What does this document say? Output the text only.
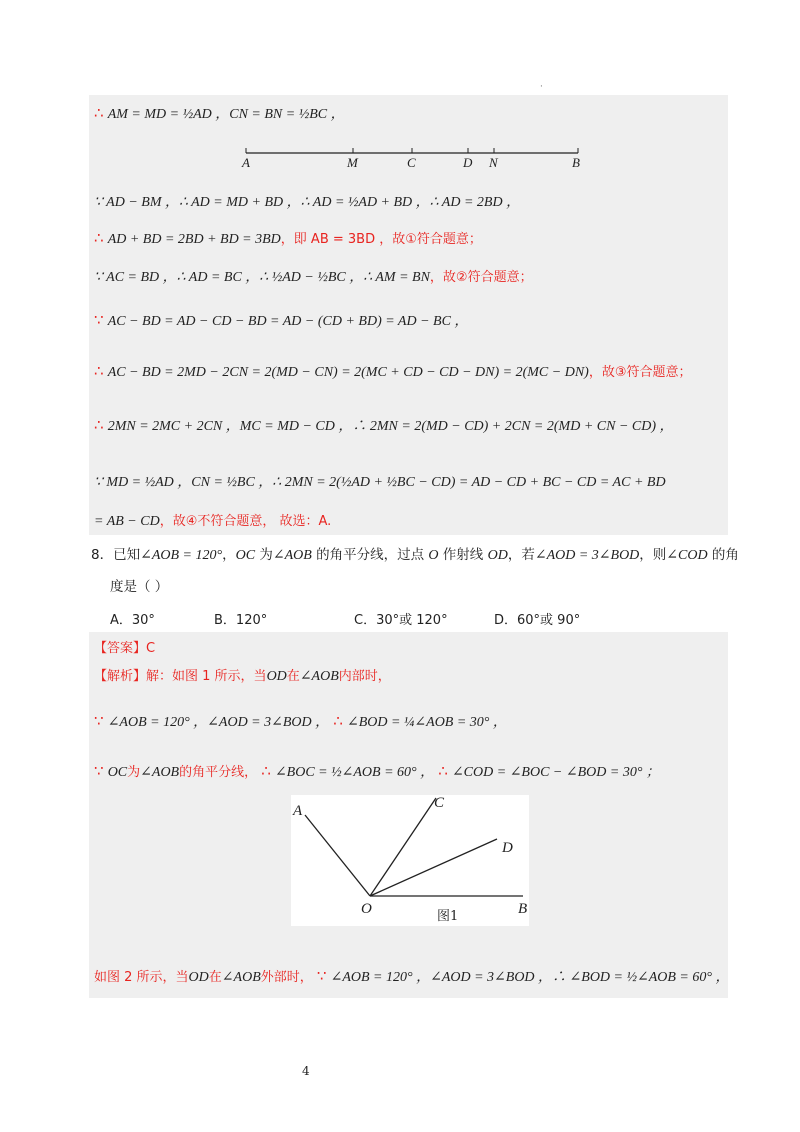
·
∴ AM = MD = ½AD ，CN = BN = ½BC ，
A	M	C	D N	B
∵ AD − BM ，∴ AD = MD + BD ，∴ AD = ½AD + BD ，∴ AD = 2BD ，
∴ AD + BD = 2BD + BD = 3BD，即 AB = 3BD ，故①符合题意；
∵ AC = BD ，∴ AD = BC ，∴ ½AD − ½BC ，∴ AM = BN，故②符合题意；
∵ AC − BD = AD − CD − BD = AD − (CD + BD) = AD − BC ，
∴ AC − BD = 2MD − 2CN = 2(MD − CN) = 2(MC + CD − CD − DN) = 2(MC − DN)，故③符合题意；
∴ 2MN = 2MC + 2CN ，MC = MD − CD ，∴ 2MN = 2(MD − CD) + 2CN = 2(MD + CN − CD) ，
∵ MD = ½AD ，CN = ½BC ，∴ 2MN = 2(½AD + ½BC − CD) = AD − CD + BC − CD = AC + BD
= AB − CD，故④不符合题意， 故选：A.
8．已知∠AOB = 120°，OC 为∠AOB 的角平分线，过点 O 作射线 OD，若∠AOD = 3∠BOD，则∠COD 的角
度是（ ）
A．30°	B．120°	C．30°或 120°	D．60°或 90°
【答案】C
【解析】解：如图 1 所示，当OD在∠AOB内部时，
∵ ∠AOB = 120° ，∠AOD = 3∠BOD ， ∴ ∠BOD = ¼∠AOB = 30° ，
∵ OC为∠AOB的角平分线， ∴ ∠BOC = ½∠AOB = 60° ， ∴ ∠COD = ∠BOC − ∠BOD = 30° ；
A	C
D
O	B
图1
如图 2 所示，当OD在∠AOB外部时， ∵ ∠AOB = 120° ，∠AOD = 3∠BOD ，∴ ∠BOD = ½∠AOB = 60° ，
4
